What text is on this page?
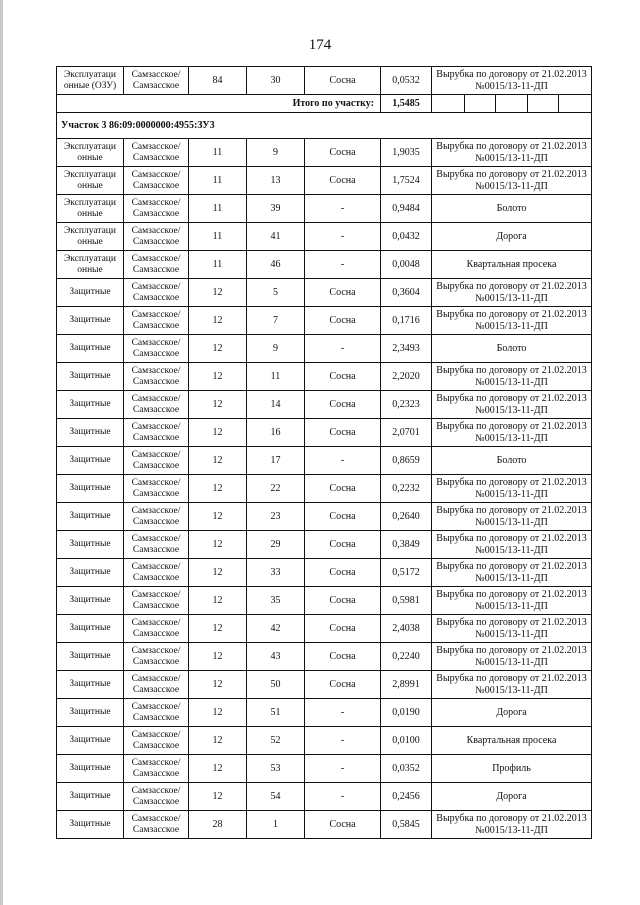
174
Эксплуатаци онные (ОЗУ)	Самзасское/ Самзасское	84	30	Сосна	0,0532	Вырубка по договору от 21.02.2013 №0015/13-11-ДП
Итого по участку:					1,5485	

Участок 3 86:09:0000000:4955:ЗУ3						
Эксплуатаци онные	Самзасское/ Самзасское	11	9	Сосна	1,9035	Вырубка по договору от 21.02.2013 №0015/13-11-ДП
Эксплуатаци онные	Самзасское/ Самзасское	11	13	Сосна	1,7524	Вырубка по договору от 21.02.2013 №0015/13-11-ДП
Эксплуатаци онные	Самзасское/ Самзасское	11	39	-	0,9484	Болото
Эксплуатаци онные	Самзасское/ Самзасское	11	41	-	0,0432	Дорога
Эксплуатаци онные	Самзасское/ Самзасское	11	46	-	0,0048	Квартальная просека
Защитные	Самзасское/ Самзасское	12	5	Сосна	0,3604	Вырубка по договору от 21.02.2013 №0015/13-11-ДП
Защитные	Самзасское/ Самзасское	12	7	Сосна	0,1716	Вырубка по договору от 21.02.2013 №0015/13-11-ДП
Защитные	Самзасское/ Самзасское	12	9	-	2,3493	Болото
Защитные	Самзасское/ Самзасское	12	11	Сосна	2,2020	Вырубка по договору от 21.02.2013 №0015/13-11-ДП
Защитные	Самзасское/ Самзасское	12	14	Сосна	0,2323	Вырубка по договору от 21.02.2013 №0015/13-11-ДП
Защитные	Самзасское/ Самзасское	12	16	Сосна	2,0701	Вырубка по договору от 21.02.2013 №0015/13-11-ДП
Защитные	Самзасское/ Самзасское	12	17	-	0,8659	Болото
Защитные	Самзасское/ Самзасское	12	22	Сосна	0,2232	Вырубка по договору от 21.02.2013 №0015/13-11-ДП
Защитные	Самзасское/ Самзасское	12	23	Сосна	0,2640	Вырубка по договору от 21.02.2013 №0015/13-11-ДП
Защитные	Самзасское/ Самзасское	12	29	Сосна	0,3849	Вырубка по договору от 21.02.2013 №0015/13-11-ДП
Защитные	Самзасское/ Самзасское	12	33	Сосна	0,5172	Вырубка по договору от 21.02.2013 №0015/13-11-ДП
Защитные	Самзасское/ Самзасское	12	35	Сосна	0,5981	Вырубка по договору от 21.02.2013 №0015/13-11-ДП
Защитные	Самзасское/ Самзасское	12	42	Сосна	2,4038	Вырубка по договору от 21.02.2013 №0015/13-11-ДП
Защитные	Самзасское/ Самзасское	12	43	Сосна	0,2240	Вырубка по договору от 21.02.2013 №0015/13-11-ДП
Защитные	Самзасское/ Самзасское	12	50	Сосна	2,8991	Вырубка по договору от 21.02.2013 №0015/13-11-ДП
Защитные	Самзасское/ Самзасское	12	51	-	0,0190	Дорога
Защитные	Самзасское/ Самзасское	12	52	-	0,0100	Квартальная просека
Защитные	Самзасское/ Самзасское	12	53	-	0,0352	Профиль
Защитные	Самзасское/ Самзасское	12	54	-	0,2456	Дорога
Защитные	Самзасское/ Самзасское	28	1	Сосна	0,5845	Вырубка по договору от 21.02.2013 №0015/13-11-ДП
